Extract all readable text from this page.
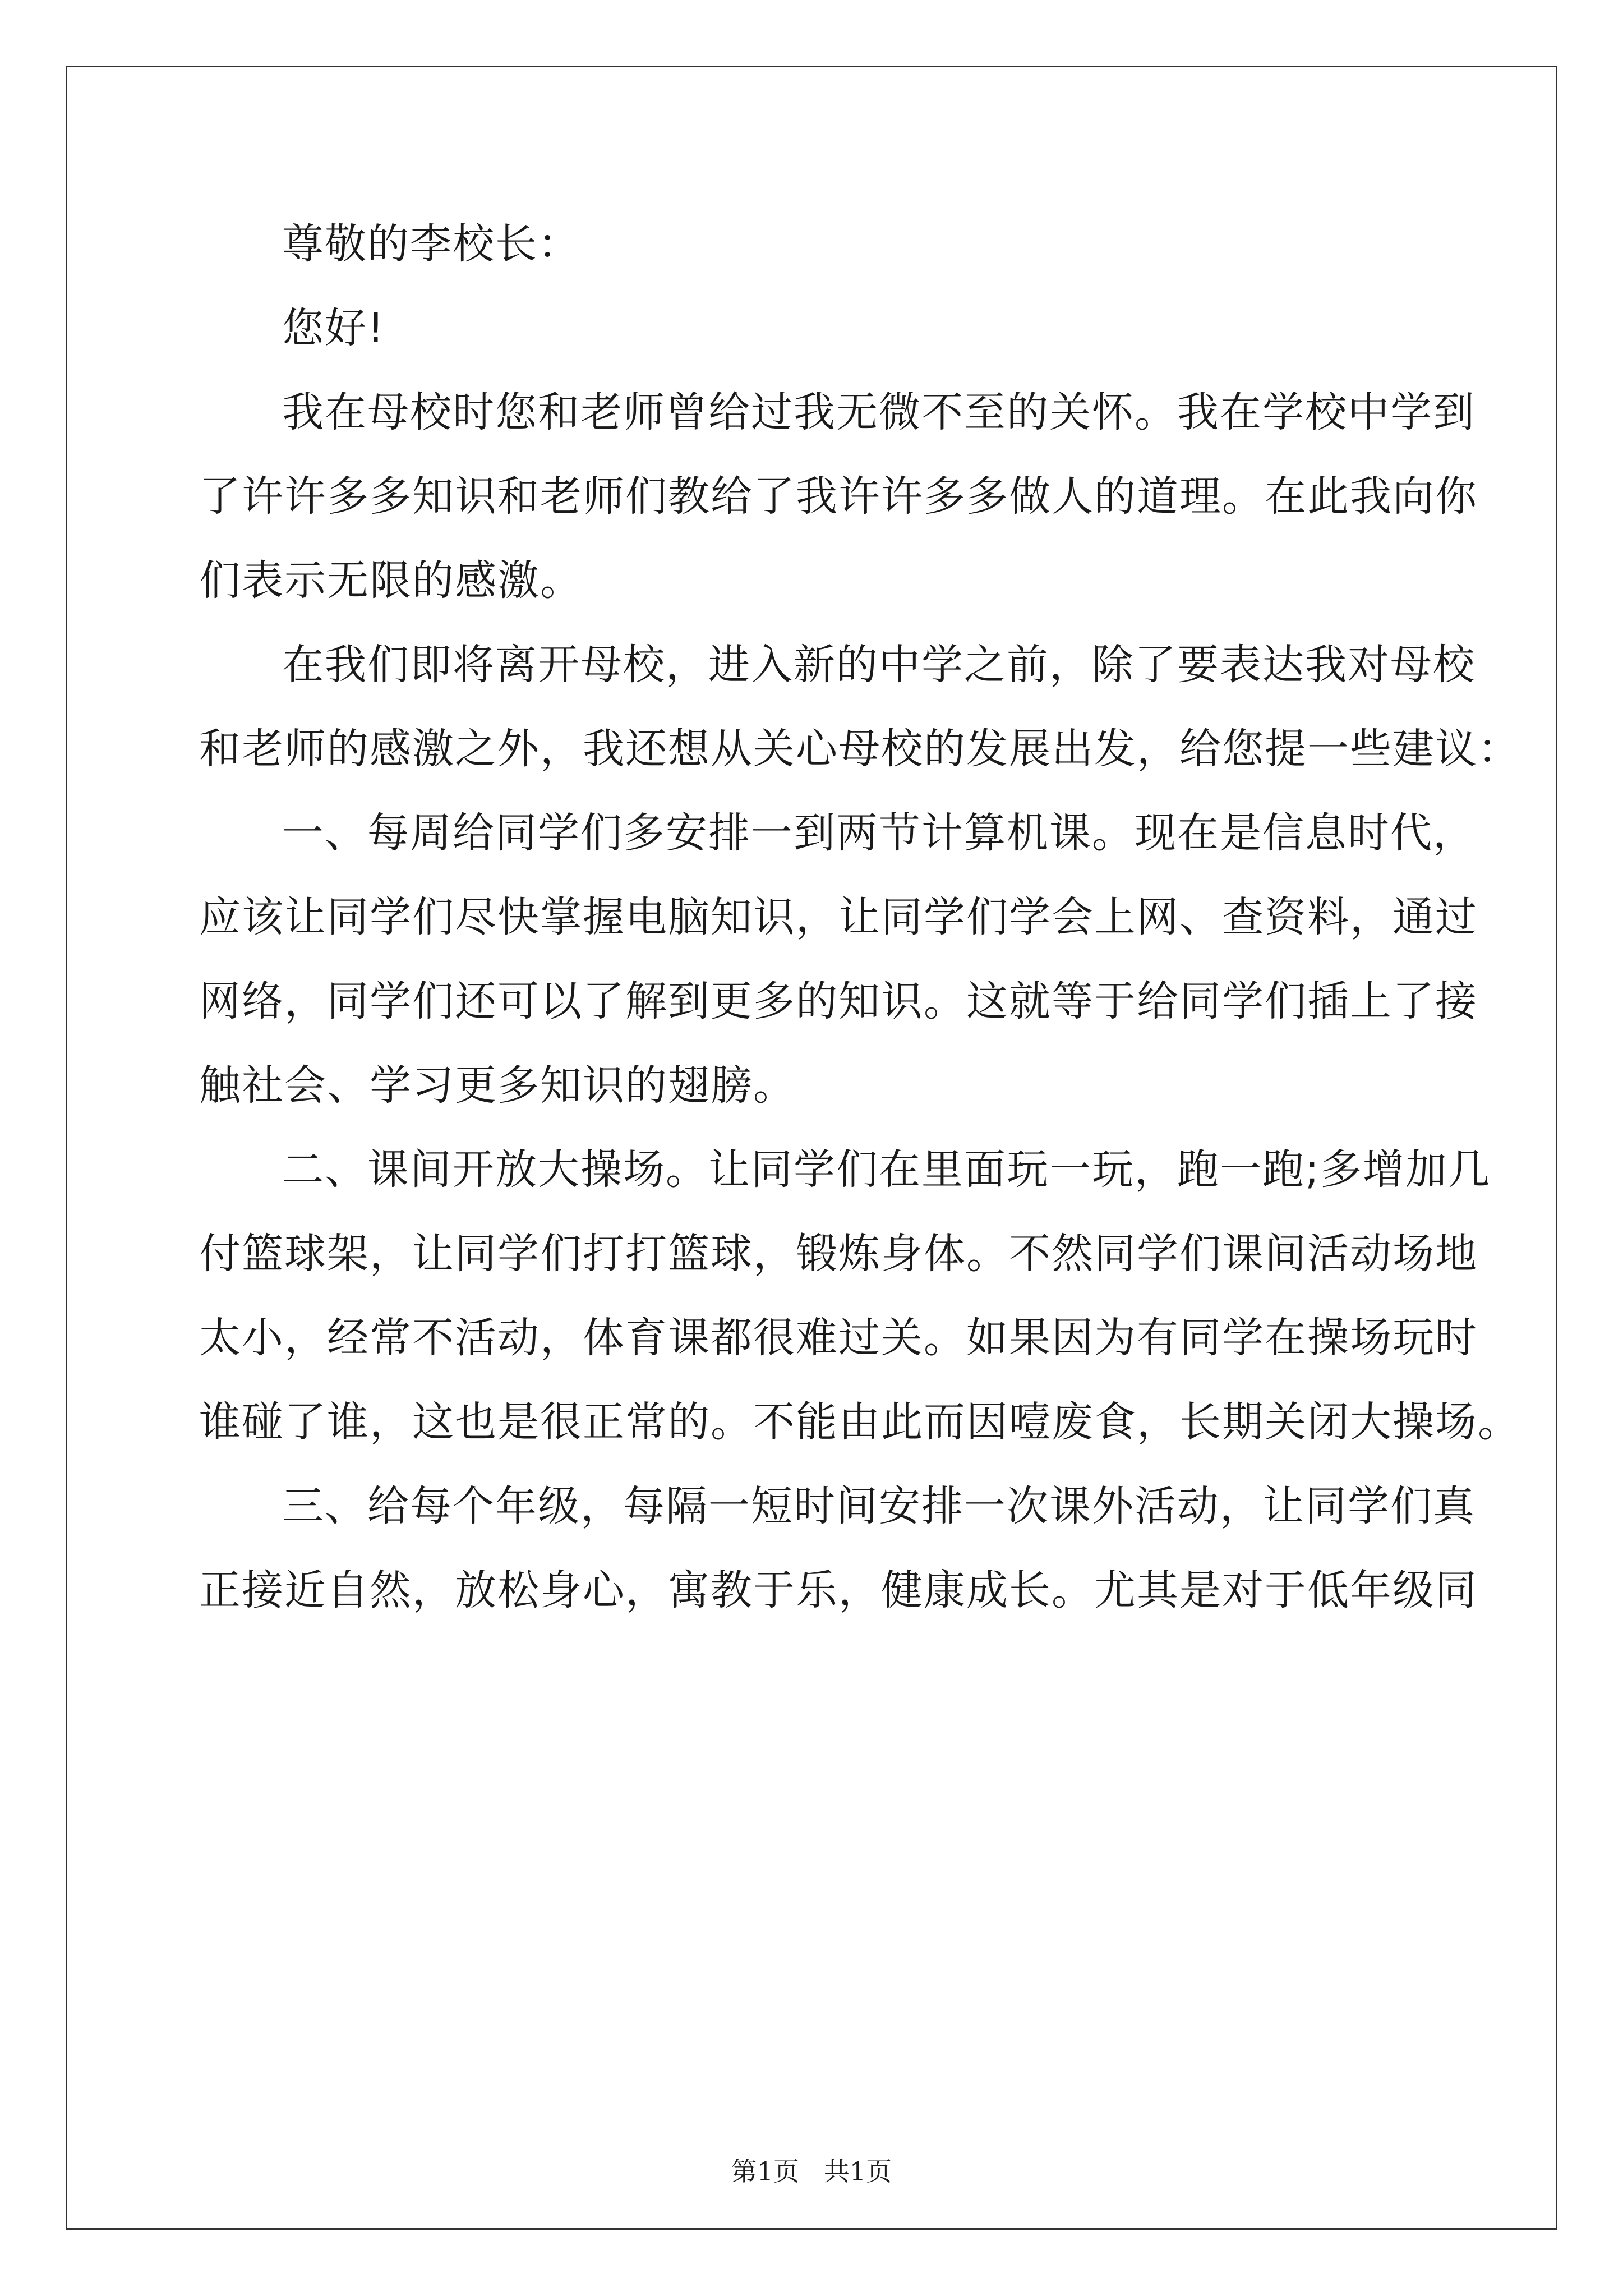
尊敬的李校长：
您好!
我在母校时您和老师曾给过我无微不至的关怀。我在学校中学到
了许许多多知识和老师们教给了我许许多多做人的道理。在此我向你
们表示无限的感激。
在我们即将离开母校，进入新的中学之前，除了要表达我对母校
和老师的感激之外，我还想从关心母校的发展出发，给您提一些建议：
一、每周给同学们多安排一到两节计算机课。现在是信息时代，
应该让同学们尽快掌握电脑知识，让同学们学会上网、查资料，通过
网络，同学们还可以了解到更多的知识。这就等于给同学们插上了接
触社会、学习更多知识的翅膀。
二、课间开放大操场。让同学们在里面玩一玩，跑一跑;多增加几
付篮球架，让同学们打打篮球，锻炼身体。不然同学们课间活动场地
太小，经常不活动，体育课都很难过关。如果因为有同学在操场玩时
谁碰了谁，这也是很正常的。不能由此而因噎废食，长期关闭大操场。
三、给每个年级，每隔一短时间安排一次课外活动，让同学们真
正接近自然，放松身心，寓教于乐，健康成长。尤其是对于低年级同
第1页   共1页
